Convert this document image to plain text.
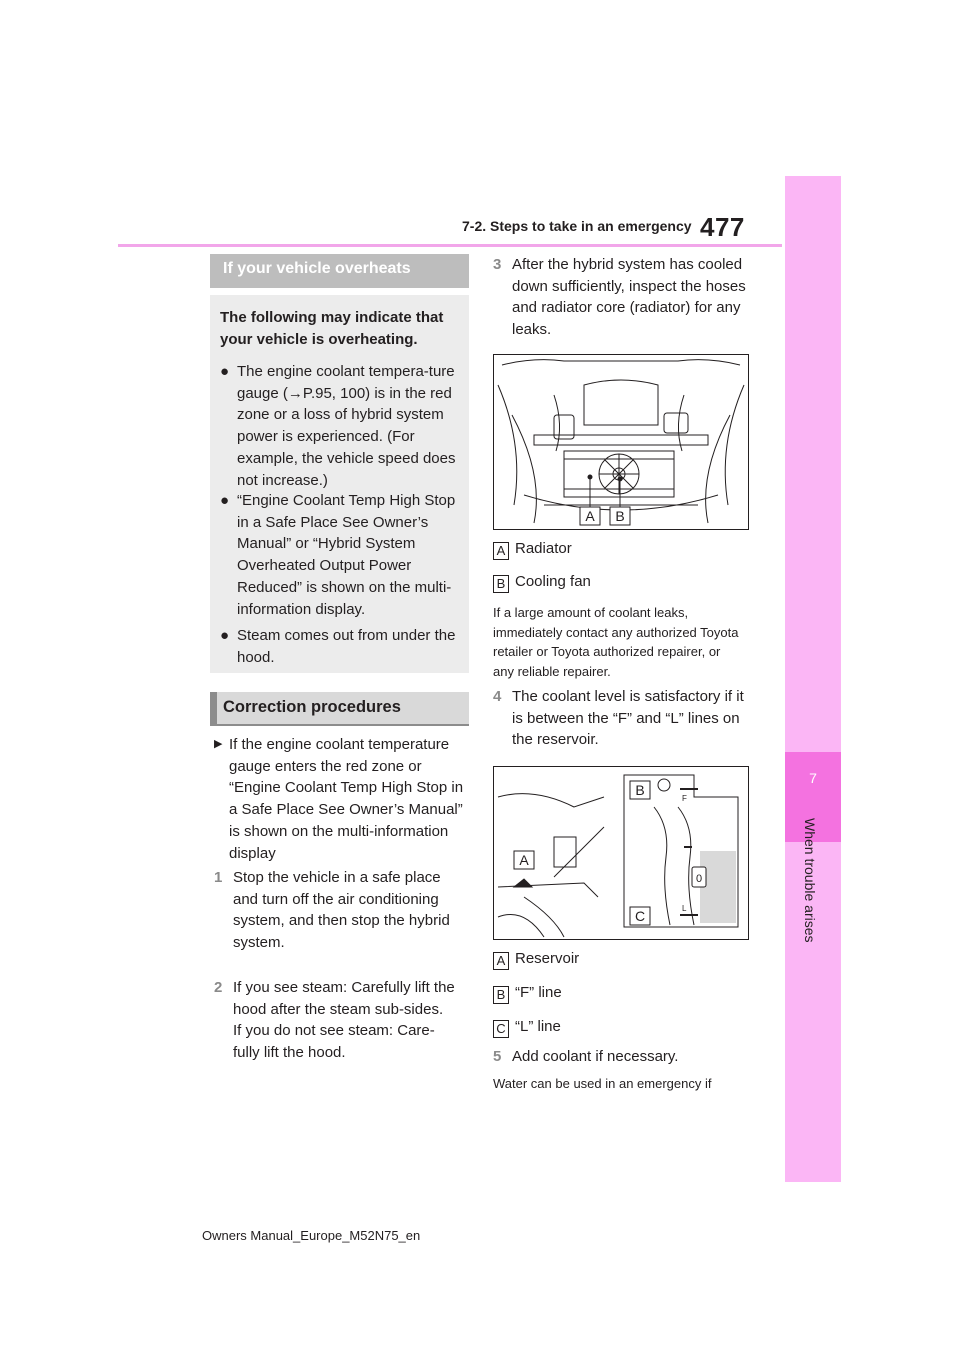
7-2. Steps to take in an emergency 477
7
When trouble arises
If your vehicle overheats
The following may indicate that your vehicle is overheating.
● The engine coolant tempera-ture gauge (→P.95, 100) is in the red zone or a loss of hybrid system power is experienced. (For example, the vehicle speed does not increase.)
● “Engine Coolant Temp High Stop in a Safe Place See Owner’s Manual” or “Hybrid System Overheated Output Power Reduced” is shown on the multi-information display.
● Steam comes out from under the hood.
Correction procedures
▶ If the engine coolant temperature gauge enters the red zone or “Engine Coolant Temp High Stop in a Safe Place See Owner’s Manual” is shown on the multi-information display
1 Stop the vehicle in a safe place and turn off the air conditioning system, and then stop the hybrid system.
2 If you see steam: Carefully lift the hood after the steam sub-sides.
If you do not see steam: Care-fully lift the hood.
3 After the hybrid system has cooled down sufficiently, inspect the hoses and radiator core (radiator) for any leaks.
A B
A Radiator
B Cooling fan
If a large amount of coolant leaks, immediately contact any authorized Toyota retailer or Toyota authorized repairer, or any reliable repairer.
4 The coolant level is satisfactory if it is between the “F” and “L” lines on the reservoir.
F
L
0
A
B
C
A Reservoir
B “F” line
C “L” line
5 Add coolant if necessary.
Water can be used in an emergency if
Owners Manual_Europe_M52N75_en
